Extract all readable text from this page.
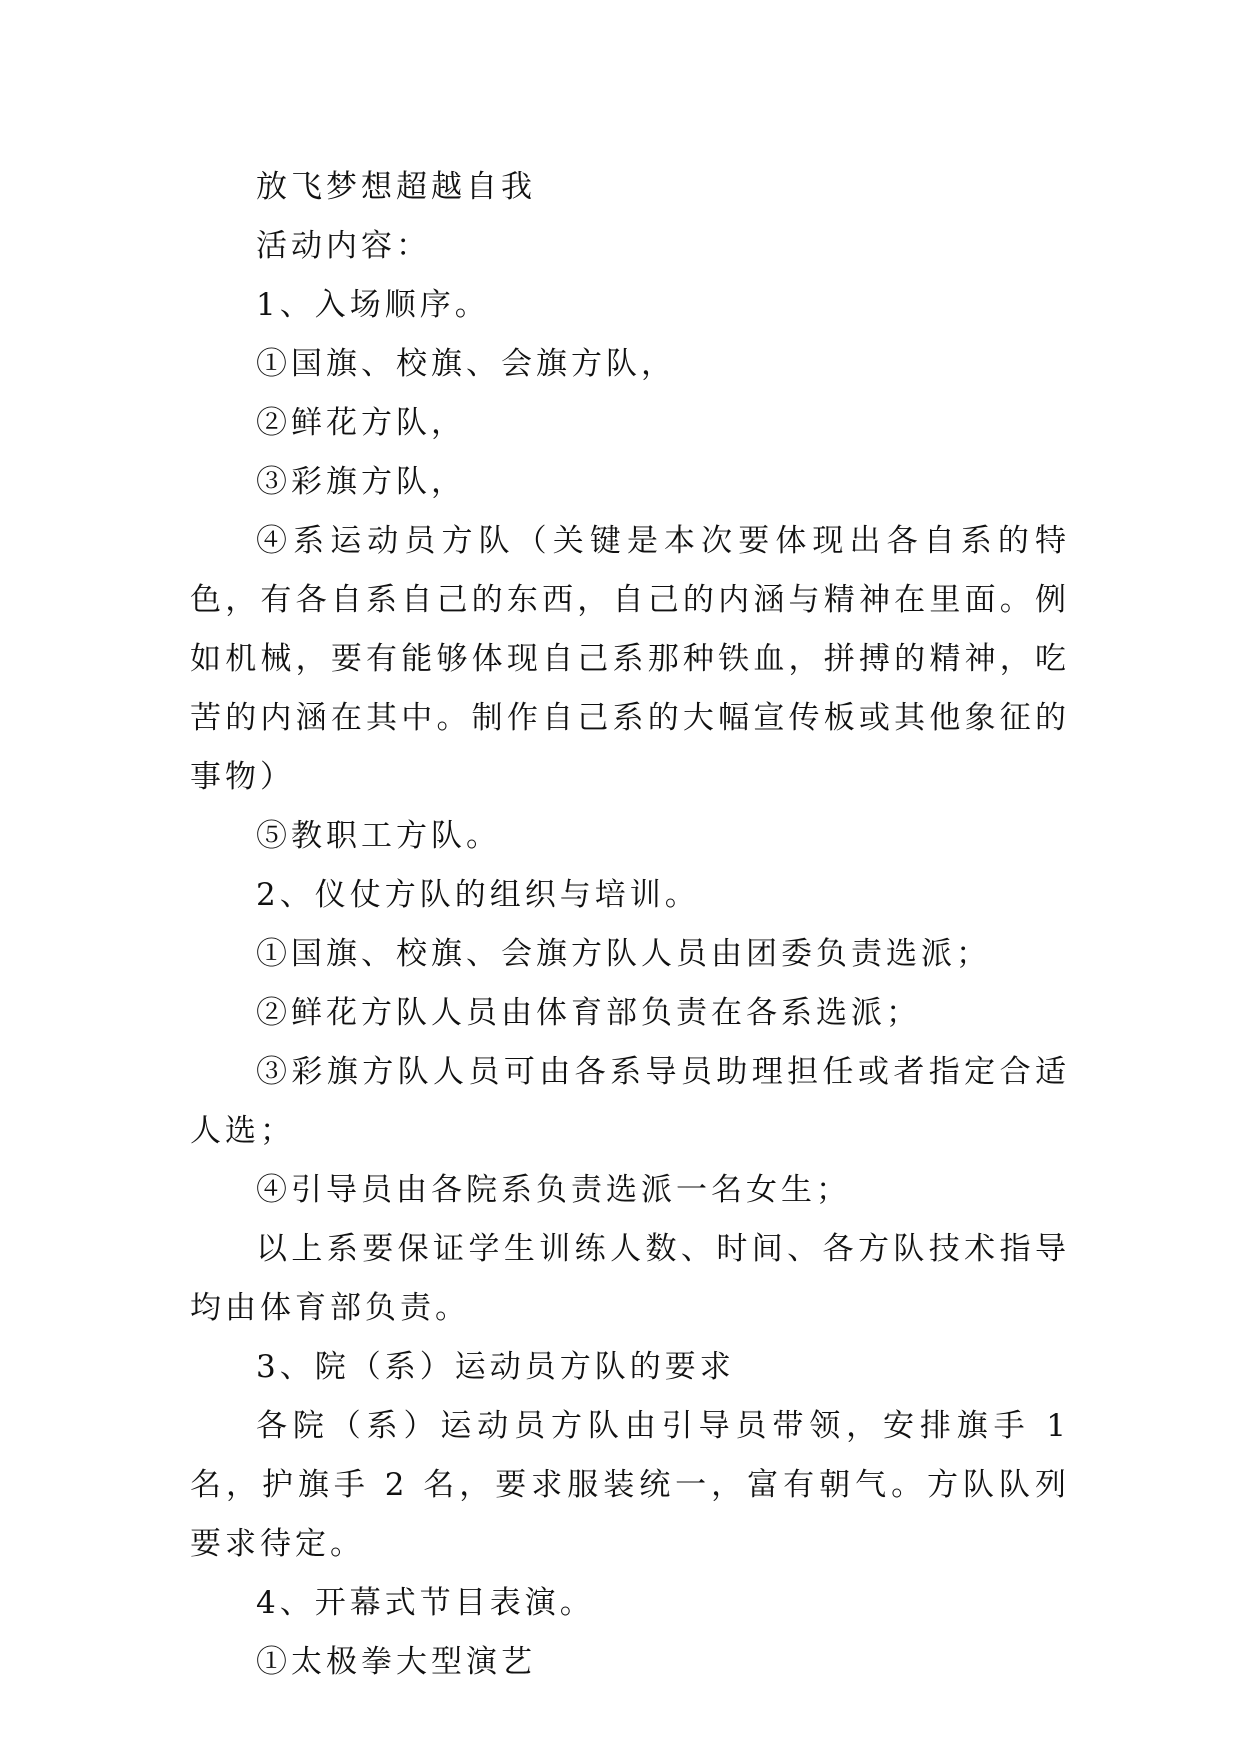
放飞梦想超越自我

活动内容：

1、入场顺序。

①国旗、校旗、会旗方队，

②鲜花方队，

③彩旗方队，

④系运动员方队（关键是本次要体现出各自系的特色，有各自系自己的东西，自己的内涵与精神在里面。例如机械，要有能够体现自己系那种铁血，拼搏的精神，吃苦的内涵在其中。制作自己系的大幅宣传板或其他象征的事物）

⑤教职工方队。

2、仪仗方队的组织与培训。

①国旗、校旗、会旗方队人员由团委负责选派；

②鲜花方队人员由体育部负责在各系选派；

③彩旗方队人员可由各系导员助理担任或者指定合适人选；

④引导员由各院系负责选派一名女生；

以上系要保证学生训练人数、时间、各方队技术指导均由体育部负责。

3、院（系）运动员方队的要求

各院（系）运动员方队由引导员带领，安排旗手 1 名，护旗手 2 名，要求服装统一，富有朝气。方队队列要求待定。

4、开幕式节目表演。

①太极拳大型演艺
